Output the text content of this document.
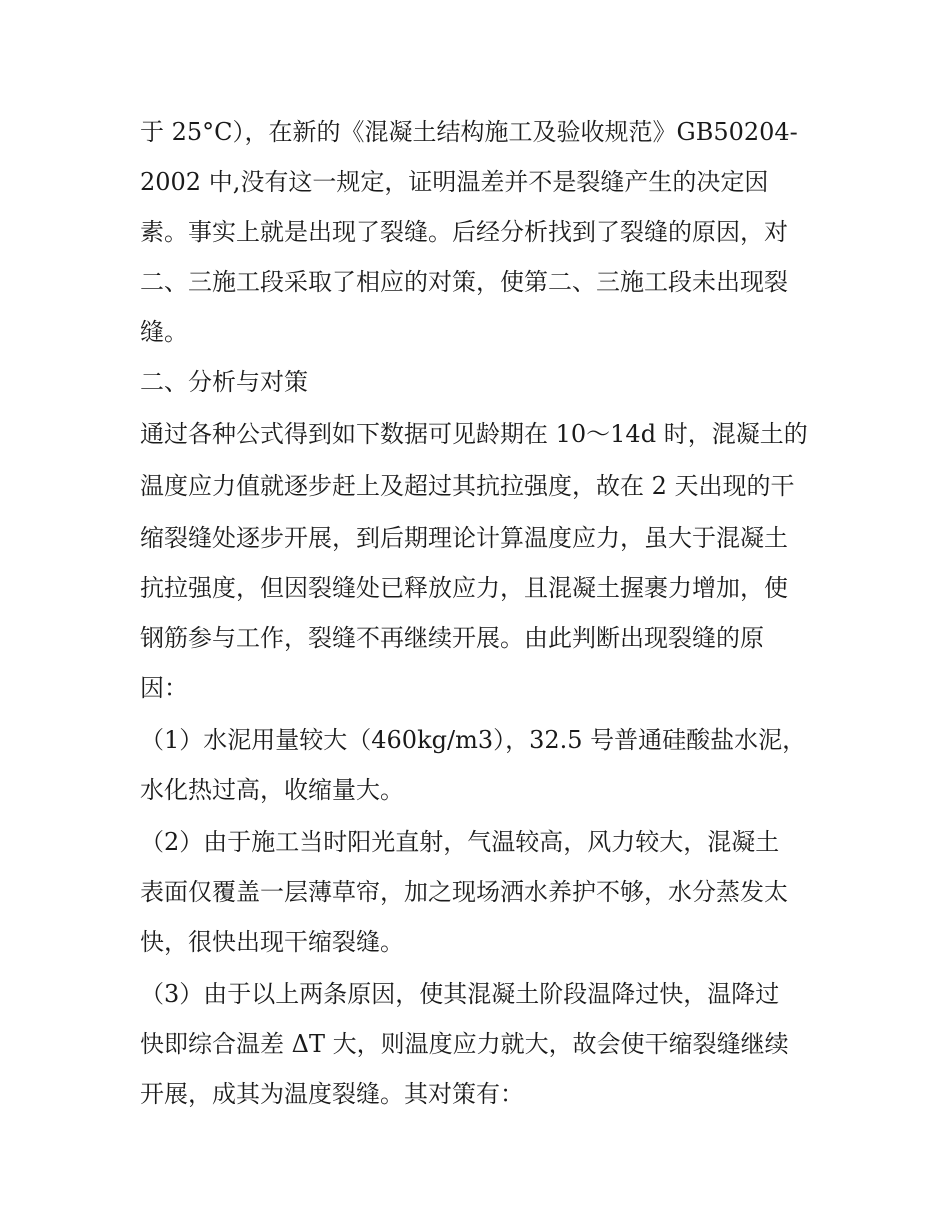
于 25°C），在新的《混凝土结构施工及验收规范》GB50204-
2002 中,没有这一规定，证明温差并不是裂缝产生的决定因
素。事实上就是出现了裂缝。后经分析找到了裂缝的原因，对
二、三施工段采取了相应的对策，使第二、三施工段未出现裂
缝。
二、分析与对策
通过各种公式得到如下数据可见龄期在 10～14d 时，混凝土的
温度应力值就逐步赶上及超过其抗拉强度，故在 2 天出现的干
缩裂缝处逐步开展，到后期理论计算温度应力，虽大于混凝土
抗拉强度，但因裂缝处已释放应力，且混凝土握裹力增加，使
钢筋参与工作，裂缝不再继续开展。由此判断出现裂缝的原
因：
（1）水泥用量较大（460kg/m3），32.5 号普通硅酸盐水泥，
水化热过高，收缩量大。
（2）由于施工当时阳光直射，气温较高，风力较大，混凝土
表面仅覆盖一层薄草帘，加之现场洒水养护不够，水分蒸发太
快，很快出现干缩裂缝。
（3）由于以上两条原因，使其混凝土阶段温降过快，温降过
快即综合温差 ΔT 大，则温度应力就大，故会使干缩裂缝继续
开展，成其为温度裂缝。其对策有：
